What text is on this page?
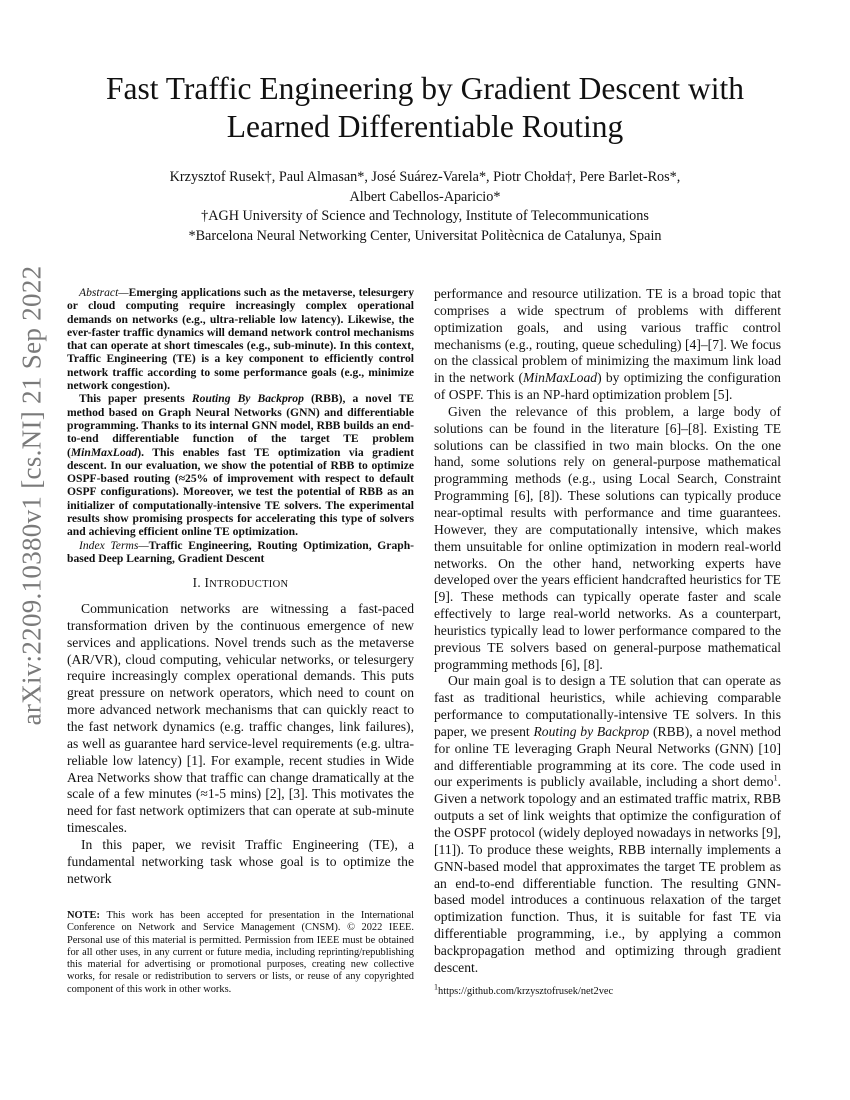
arXiv:2209.10380v1 [cs.NI] 21 Sep 2022
Fast Traffic Engineering by Gradient Descent with
Learned Differentiable Routing
Krzysztof Rusek†, Paul Almasan*, José Suárez-Varela*, Piotr Chołda†, Pere Barlet-Ros*,
Albert Cabellos-Aparicio*
†AGH University of Science and Technology, Institute of Telecommunications
*Barcelona Neural Networking Center, Universitat Politècnica de Catalunya, Spain

Abstract—Emerging applications such as the metaverse, telesurgery or cloud computing require increasingly complex operational demands on networks (e.g., ultra-reliable low latency). Likewise, the ever-faster traffic dynamics will demand network control mechanisms that can operate at short timescales (e.g., sub-minute). In this context, Traffic Engineering (TE) is a key component to efficiently control network traffic according to some performance goals (e.g., minimize network congestion).

This paper presents Routing By Backprop (RBB), a novel TE method based on Graph Neural Networks (GNN) and differentiable programming. Thanks to its internal GNN model, RBB builds an end-to-end differentiable function of the target TE problem (MinMaxLoad). This enables fast TE optimization via gradient descent. In our evaluation, we show the potential of RBB to optimize OSPF-based routing (≈25% of improvement with respect to default OSPF configurations). Moreover, we test the potential of RBB as an initializer of computationally-intensive TE solvers. The experimental results show promising prospects for accelerating this type of solvers and achieving efficient online TE optimization.

Index Terms—Traffic Engineering, Routing Optimization, Graph-based Deep Learning, Gradient Descent

I. INTRODUCTION

Communication networks are witnessing a fast-paced transformation driven by the continuous emergence of new services and applications. Novel trends such as the metaverse (AR/VR), cloud computing, vehicular networks, or telesurgery require increasingly complex operational demands. This puts great pressure on network operators, which need to count on more advanced network mechanisms that can quickly react to the fast network dynamics (e.g. traffic changes, link failures), as well as guarantee hard service-level requirements (e.g. ultra-reliable low latency) [1]. For example, recent studies in Wide Area Networks show that traffic can change dramatically at the scale of a few minutes (≈1-5 mins) [2], [3]. This motivates the need for fast network optimizers that can operate at sub-minute timescales.

In this paper, we revisit Traffic Engineering (TE), a fundamental networking task whose goal is to optimize the network

NOTE: This work has been accepted for presentation in the International Conference on Network and Service Management (CNSM). © 2022 IEEE. Personal use of this material is permitted. Permission from IEEE must be obtained for all other uses, in any current or future media, including reprinting/republishing this material for advertising or promotional purposes, creating new collective works, for resale or redistribution to servers or lists, or reuse of any copyrighted component of this work in other works.

performance and resource utilization. TE is a broad topic that comprises a wide spectrum of problems with different optimization goals, and using various traffic control mechanisms (e.g., routing, queue scheduling) [4]–[7]. We focus on the classical problem of minimizing the maximum link load in the network (MinMaxLoad) by optimizing the configuration of OSPF. This is an NP-hard optimization problem [5].

Given the relevance of this problem, a large body of solutions can be found in the literature [6]–[8]. Existing TE solutions can be classified in two main blocks. On the one hand, some solutions rely on general-purpose mathematical programming methods (e.g., using Local Search, Constraint Programming [6], [8]). These solutions can typically produce near-optimal results with performance and time guarantees. However, they are computationally intensive, which makes them unsuitable for online optimization in modern real-world networks. On the other hand, networking experts have developed over the years efficient handcrafted heuristics for TE [9]. These methods can typically operate faster and scale effectively to large real-world networks. As a counterpart, heuristics typically lead to lower performance compared to the previous TE solvers based on general-purpose mathematical programming methods [6], [8].

Our main goal is to design a TE solution that can operate as fast as traditional heuristics, while achieving comparable performance to computationally-intensive TE solvers. In this paper, we present Routing by Backprop (RBB), a novel method for online TE leveraging Graph Neural Networks (GNN) [10] and differentiable programming at its core. The code used in our experiments is publicly available, including a short demo$^1$. Given a network topology and an estimated traffic matrix, RBB outputs a set of link weights that optimize the configuration of the OSPF protocol (widely deployed nowadays in networks [9], [11]). To produce these weights, RBB internally implements a GNN-based model that approximates the target TE problem as an end-to-end differentiable function. The resulting GNN-based model introduces a continuous relaxation of the target optimization function. Thus, it is suitable for fast TE via differentiable programming, i.e., by applying a common backpropagation method and optimizing through gradient descent.

$^1$https://github.com/krzysztofrusek/net2vec
